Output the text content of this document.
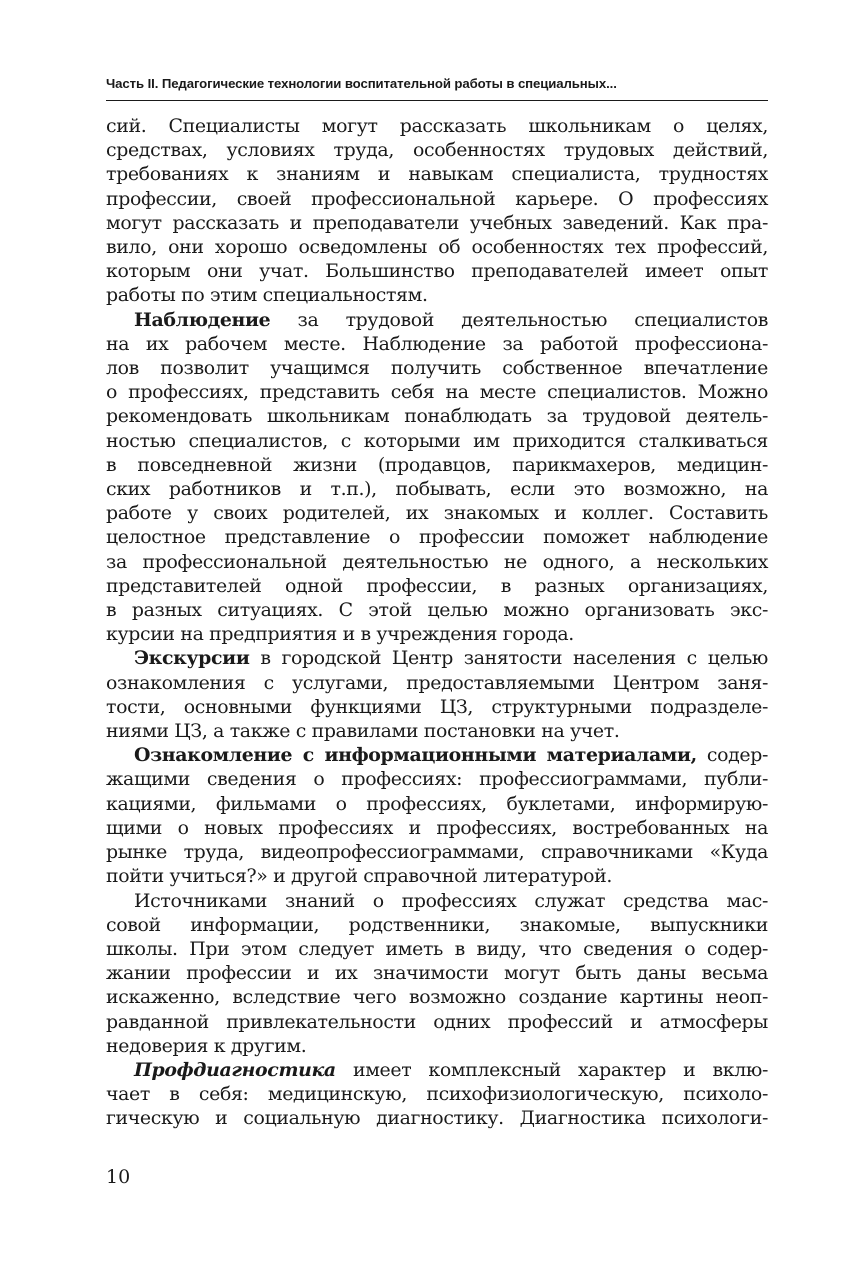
Часть II. Педагогические технологии воспитательной работы в специальных...

сий. Специалисты могут рассказать школьникам о целях,
средствах, условиях труда, особенностях трудовых действий,
требованиях к знаниям и навыкам специалиста, трудностях
профессии, своей профессиональной карьере. О профессиях
могут рассказать и преподаватели учебных заведений. Как пра-
вило, они хорошо осведомлены об особенностях тех профессий,
которым они учат. Большинство преподавателей имеет опыт
работы по этим специальностям.

Наблюдение за трудовой деятельностью специалистов
на их рабочем месте. Наблюдение за работой профессиона-
лов позволит учащимся получить собственное впечатление
о профессиях, представить себя на месте специалистов. Можно
рекомендовать школьникам понаблюдать за трудовой деятель-
ностью специалистов, с которыми им приходится сталкиваться
в повседневной жизни (продавцов, парикмахеров, медицин-
ских работников и т.п.), побывать, если это возможно, на
работе у своих родителей, их знакомых и коллег. Составить
целостное представление о профессии поможет наблюдение
за профессиональной деятельностью не одного, а нескольких
представителей одной профессии, в разных организациях,
в разных ситуациях. С этой целью можно организовать экс-
курсии на предприятия и в учреждения города.

Экскурсии в городской Центр занятости населения с целью
ознакомления с услугами, предоставляемыми Центром заня-
тости, основными функциями ЦЗ, структурными подразделе-
ниями ЦЗ, а также с правилами постановки на учет.

Ознакомление с информационными материалами, содер-
жащими сведения о профессиях: профессиограммами, публи-
кациями, фильмами о профессиях, буклетами, информирую-
щими о новых профессиях и профессиях, востребованных на
рынке труда, видеопрофессиограммами, справочниками «Куда
пойти учиться?» и другой справочной литературой.

Источниками знаний о профессиях служат средства мас-
совой информации, родственники, знакомые, выпускники
школы. При этом следует иметь в виду, что сведения о содер-
жании профессии и их значимости могут быть даны весьма
искаженно, вследствие чего возможно создание картины неоп-
равданной привлекательности одних профессий и атмосферы
недоверия к другим.

Профдиагностика имеет комплексный характер и вклю-
чает в себя: медицинскую, психофизиологическую, психоло-
гическую и социальную диагностику. Диагностика психологи-

10
